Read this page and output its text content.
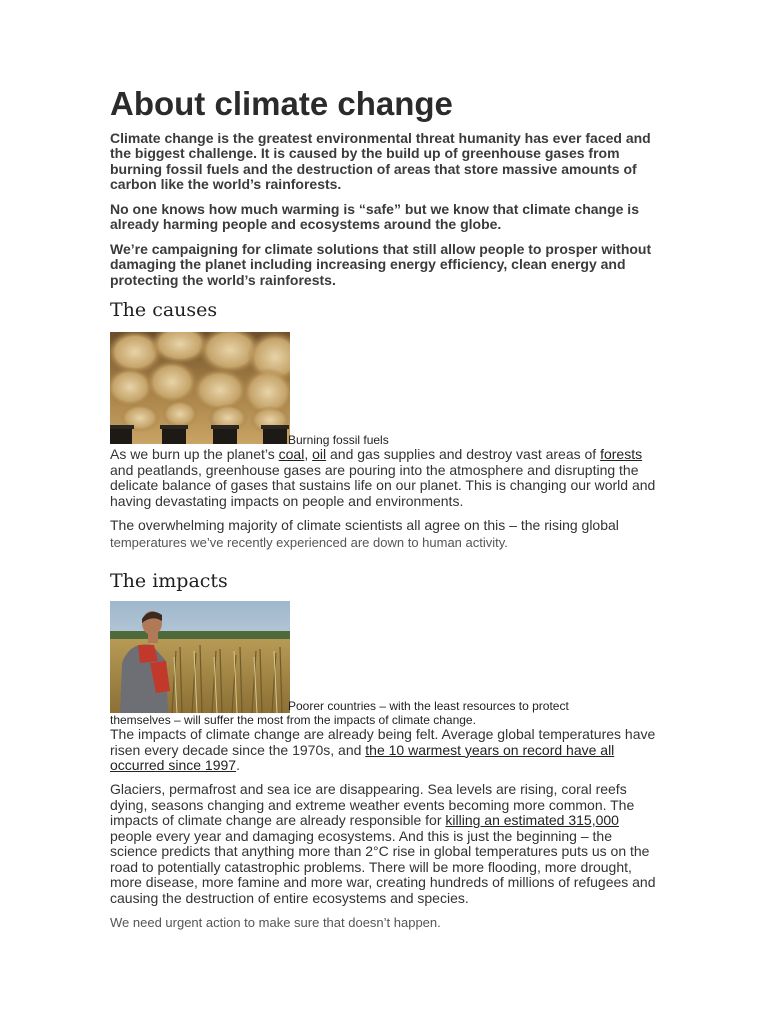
About climate change

Climate change is the greatest environmental threat humanity has ever faced and the biggest challenge. It is caused by the build up of greenhouse gases from burning fossil fuels and the destruction of areas that store massive amounts of carbon like the world’s rainforests.

No one knows how much warming is “safe” but we know that climate change is already harming people and ecosystems around the globe.

We’re campaigning for climate solutions that still allow people to prosper without damaging the planet including increasing energy efficiency, clean energy and protecting the world’s rainforests.

The causes

Burning fossil fuels

As we burn up the planet’s coal, oil and gas supplies and destroy vast areas of forests and peatlands, greenhouse gases are pouring into the atmosphere and disrupting the delicate balance of gases that sustains life on our planet. This is changing our world and having devastating impacts on people and environments.

The overwhelming majority of climate scientists all agree on this – the rising global
temperatures we’ve recently experienced are down to human activity.

The impacts

Poorer countries – with the least resources to protect

themselves – will suffer the most from the impacts of climate change.

The impacts of climate change are already being felt. Average global temperatures have risen every decade since the 1970s, and the 10 warmest years on record have all occurred since 1997.

Glaciers, permafrost and sea ice are disappearing. Sea levels are rising, coral reefs dying, seasons changing and extreme weather events becoming more common. The impacts of climate change are already responsible for killing an estimated 315,000 people every year and damaging ecosystems. And this is just the beginning – the science predicts that anything more than 2°C rise in global temperatures puts us on the road to potentially catastrophic problems. There will be more flooding, more drought, more disease, more famine and more war, creating hundreds of millions of refugees and causing the destruction of entire ecosystems and species.

We need urgent action to make sure that doesn’t happen.
